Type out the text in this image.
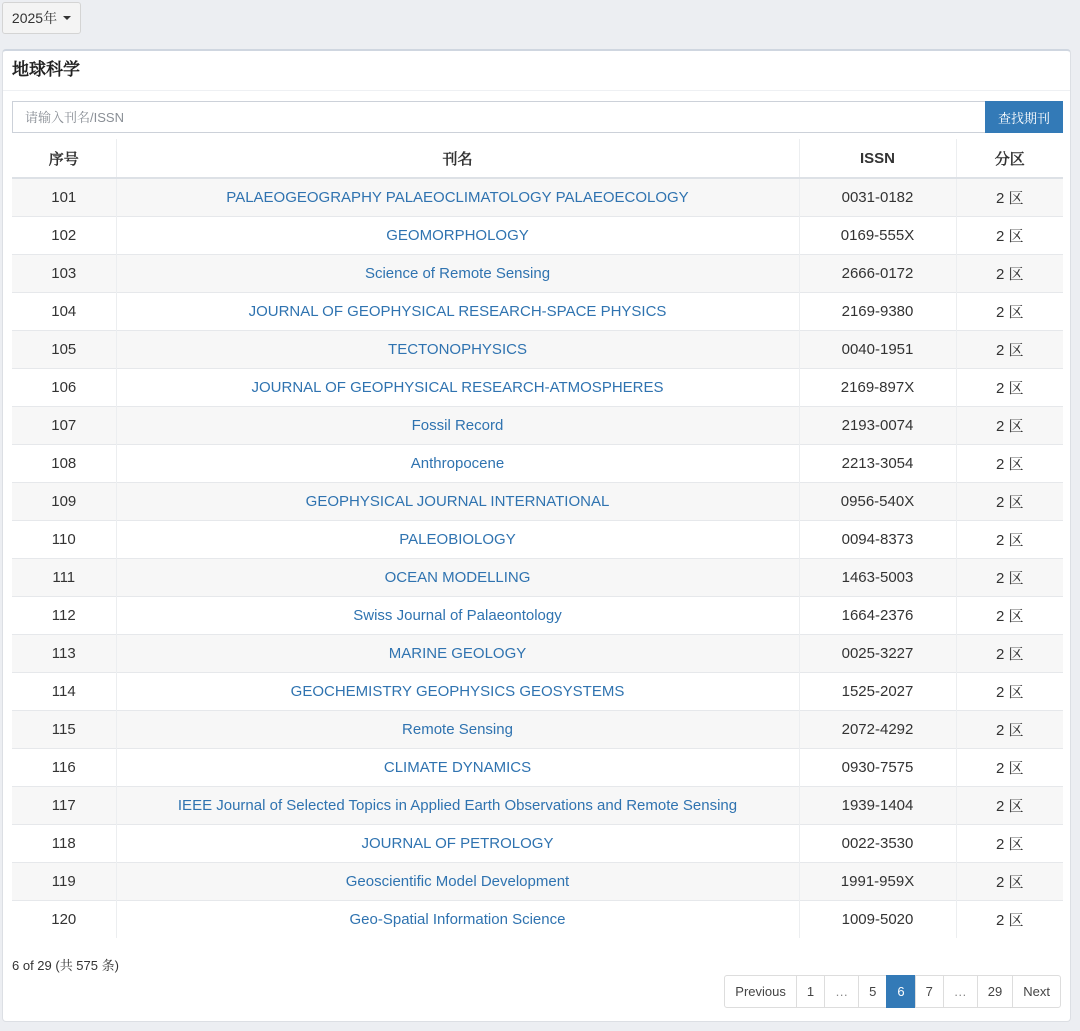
2025年
地球科学
请输入刊名/ISSN
查找期刊
序号	刊名	ISSN	分区
101	PALAEOGEOGRAPHY PALAEOCLIMATOLOGY PALAEOECOLOGY	0031-0182	2 区
102	GEOMORPHOLOGY	0169-555X	2 区
103	Science of Remote Sensing	2666-0172	2 区
104	JOURNAL OF GEOPHYSICAL RESEARCH-SPACE PHYSICS	2169-9380	2 区
105	TECTONOPHYSICS	0040-1951	2 区
106	JOURNAL OF GEOPHYSICAL RESEARCH-ATMOSPHERES	2169-897X	2 区
107	Fossil Record	2193-0074	2 区
108	Anthropocene	2213-3054	2 区
109	GEOPHYSICAL JOURNAL INTERNATIONAL	0956-540X	2 区
110	PALEOBIOLOGY	0094-8373	2 区
111	OCEAN MODELLING	1463-5003	2 区
112	Swiss Journal of Palaeontology	1664-2376	2 区
113	MARINE GEOLOGY	0025-3227	2 区
114	GEOCHEMISTRY GEOPHYSICS GEOSYSTEMS	1525-2027	2 区
115	Remote Sensing	2072-4292	2 区
116	CLIMATE DYNAMICS	0930-7575	2 区
117	IEEE Journal of Selected Topics in Applied Earth Observations and Remote Sensing	1939-1404	2 区
118	JOURNAL OF PETROLOGY	0022-3530	2 区
119	Geoscientific Model Development	1991-959X	2 区
120	Geo-Spatial Information Science	1009-5020	2 区
6 of 29 (共 575 条)
Previous	1	…	5	6	7	…	29	Next
